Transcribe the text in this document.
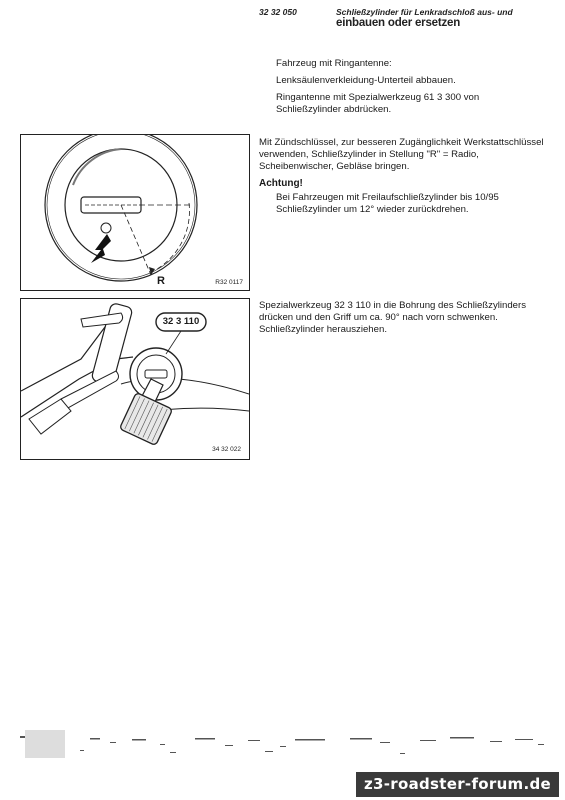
32 32 050	Schließzylinder für Lenkradschloß aus- und
einbauen oder ersetzen

Fahrzeug mit Ringantenne:

Lenksäulenverkleidung-Unterteil abbauen.

Ringantenne mit Spezialwerkzeug 61 3 300 von Schließzylinder abdrücken.

R	R32 0117

Mit Zündschlüssel, zur besseren Zugänglichkeit Werkstattschlüssel verwenden, Schließzylinder in Stellung "R" = Radio, Scheibenwischer, Gebläse bringen.

Achtung!

Bei Fahrzeugen mit Freilaufschließzylinder bis 10/95 Schließzylinder um 12° wieder zurückdrehen.

32 3 110
34 32 022

Spezialwerkzeug 32 3 110 in die Bohrung des Schließzylinders drücken und den Griff um ca. 90° nach vorn schwenken. Schließzylinder herausziehen.

z3-roadster-forum.de
